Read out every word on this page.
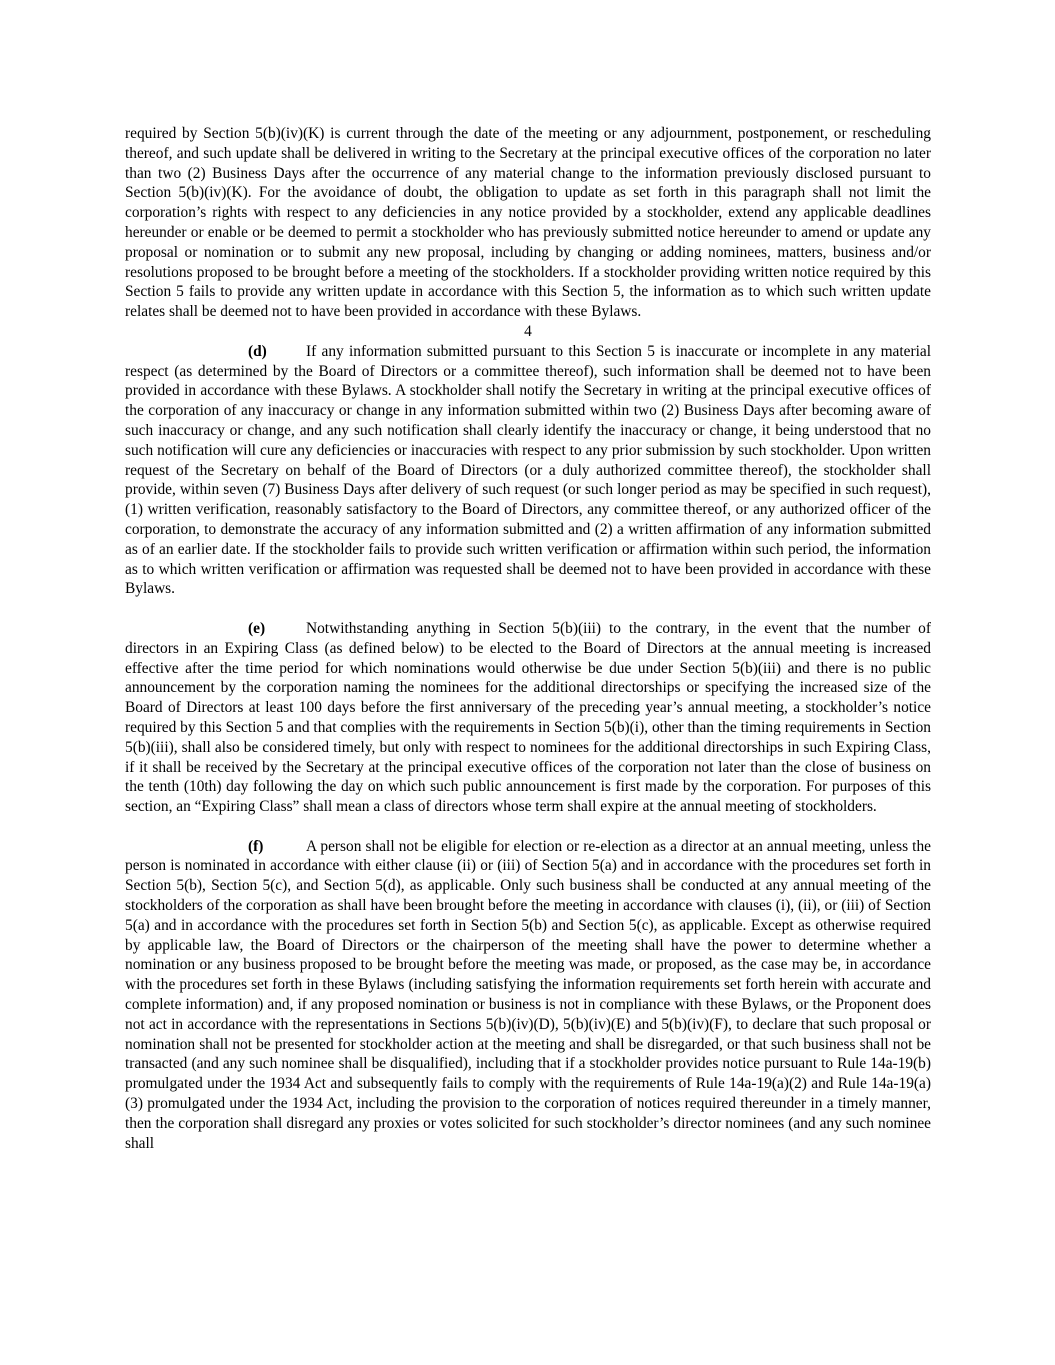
required by Section 5(b)(iv)(K) is current through the date of the meeting or any adjournment, postponement, or rescheduling thereof, and such update shall be delivered in writing to the Secretary at the principal executive offices of the corporation no later than two (2) Business Days after the occurrence of any material change to the information previously disclosed pursuant to Section 5(b)(iv)(K). For the avoidance of doubt, the obligation to update as set forth in this paragraph shall not limit the corporation’s rights with respect to any deficiencies in any notice provided by a stockholder, extend any applicable deadlines hereunder or enable or be deemed to permit a stockholder who has previously submitted notice hereunder to amend or update any proposal or nomination or to submit any new proposal, including by changing or adding nominees, matters, business and/or resolutions proposed to be brought before a meeting of the stockholders. If a stockholder providing written notice required by this Section 5 fails to provide any written update in accordance with this Section 5, the information as to which such written update relates shall be deemed not to have been provided in accordance with these Bylaws.

4

(d)	If any information submitted pursuant to this Section 5 is inaccurate or incomplete in any material respect (as determined by the Board of Directors or a committee thereof), such information shall be deemed not to have been provided in accordance with these Bylaws. A stockholder shall notify the Secretary in writing at the principal executive offices of the corporation of any inaccuracy or change in any information submitted within two (2) Business Days after becoming aware of such inaccuracy or change, and any such notification shall clearly identify the inaccuracy or change, it being understood that no such notification will cure any deficiencies or inaccuracies with respect to any prior submission by such stockholder. Upon written request of the Secretary on behalf of the Board of Directors (or a duly authorized committee thereof), the stockholder shall provide, within seven (7) Business Days after delivery of such request (or such longer period as may be specified in such request), (1) written verification, reasonably satisfactory to the Board of Directors, any committee thereof, or any authorized officer of the corporation, to demonstrate the accuracy of any information submitted and (2) a written affirmation of any information submitted as of an earlier date. If the stockholder fails to provide such written verification or affirmation within such period, the information as to which written verification or affirmation was requested shall be deemed not to have been provided in accordance with these Bylaws.

(e)	Notwithstanding anything in Section 5(b)(iii) to the contrary, in the event that the number of directors in an Expiring Class (as defined below) to be elected to the Board of Directors at the annual meeting is increased effective after the time period for which nominations would otherwise be due under Section 5(b)(iii) and there is no public announcement by the corporation naming the nominees for the additional directorships or specifying the increased size of the Board of Directors at least 100 days before the first anniversary of the preceding year’s annual meeting, a stockholder’s notice required by this Section 5 and that complies with the requirements in Section 5(b)(i), other than the timing requirements in Section 5(b)(iii), shall also be considered timely, but only with respect to nominees for the additional directorships in such Expiring Class, if it shall be received by the Secretary at the principal executive offices of the corporation not later than the close of business on the tenth (10th) day following the day on which such public announcement is first made by the corporation. For purposes of this section, an “Expiring Class” shall mean a class of directors whose term shall expire at the annual meeting of stockholders.

(f)	A person shall not be eligible for election or re-election as a director at an annual meeting, unless the person is nominated in accordance with either clause (ii) or (iii) of Section 5(a) and in accordance with the procedures set forth in Section 5(b), Section 5(c), and Section 5(d), as applicable. Only such business shall be conducted at any annual meeting of the stockholders of the corporation as shall have been brought before the meeting in accordance with clauses (i), (ii), or (iii) of Section 5(a) and in accordance with the procedures set forth in Section 5(b) and Section 5(c), as applicable. Except as otherwise required by applicable law, the Board of Directors or the chairperson of the meeting shall have the power to determine whether a nomination or any business proposed to be brought before the meeting was made, or proposed, as the case may be, in accordance with the procedures set forth in these Bylaws (including satisfying the information requirements set forth herein with accurate and complete information) and, if any proposed nomination or business is not in compliance with these Bylaws, or the Proponent does not act in accordance with the representations in Sections 5(b)(iv)(D), 5(b)(iv)(E) and 5(b)(iv)(F), to declare that such proposal or nomination shall not be presented for stockholder action at the meeting and shall be disregarded, or that such business shall not be transacted (and any such nominee shall be disqualified), including that if a stockholder provides notice pursuant to Rule 14a-19(b) promulgated under the 1934 Act and subsequently fails to comply with the requirements of Rule 14a-19(a)(2) and Rule 14a-19(a)(3) promulgated under the 1934 Act, including the provision to the corporation of notices required thereunder in a timely manner, then the corporation shall disregard any proxies or votes solicited for such stockholder’s director nominees (and any such nominee shall
